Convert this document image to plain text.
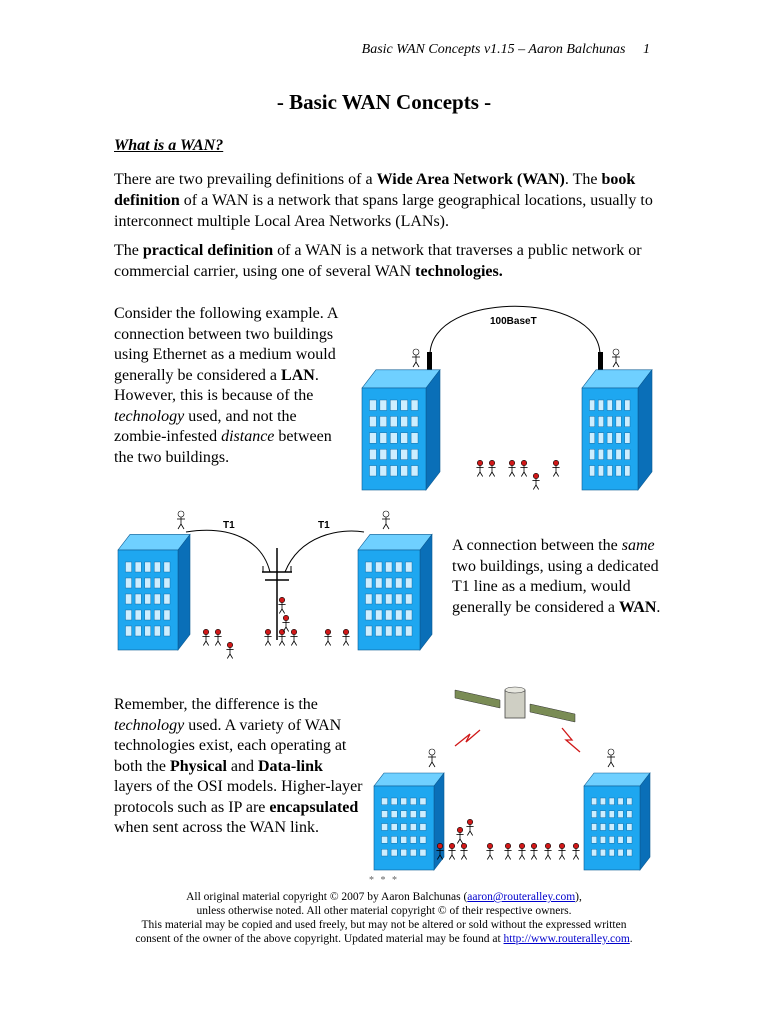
Basic WAN Concepts v1.15 – Aaron Balchunas 1
- Basic WAN Concepts -
What is a WAN?
There are two prevailing definitions of a Wide Area Network (WAN). The book definition of a WAN is a network that spans large geographical locations, usually to interconnect multiple Local Area Networks (LANs).
The practical definition of a WAN is a network that traverses a public network or commercial carrier, using one of several WAN technologies.
Consider the following example. A connection between two buildings using Ethernet as a medium would generally be considered a LAN. However, this is because of the technology used, and not the zombie-infested distance between the two buildings.
A connection between the same two buildings, using a dedicated T1 line as a medium, would generally be considered a WAN.
Remember, the difference is the technology used. A variety of WAN technologies exist, each operating at both the Physical and Data-link layers of the OSI models. Higher-layer protocols such as IP are encapsulated when sent across the WAN link.
100BaseT
T1	T1
* * *
All original material copyright © 2007 by Aaron Balchunas (aaron@routeralley.com),
unless otherwise noted. All other material copyright © of their respective owners.
This material may be copied and used freely, but may not be altered or sold without the expressed written
consent of the owner of the above copyright. Updated material may be found at http://www.routeralley.com.
